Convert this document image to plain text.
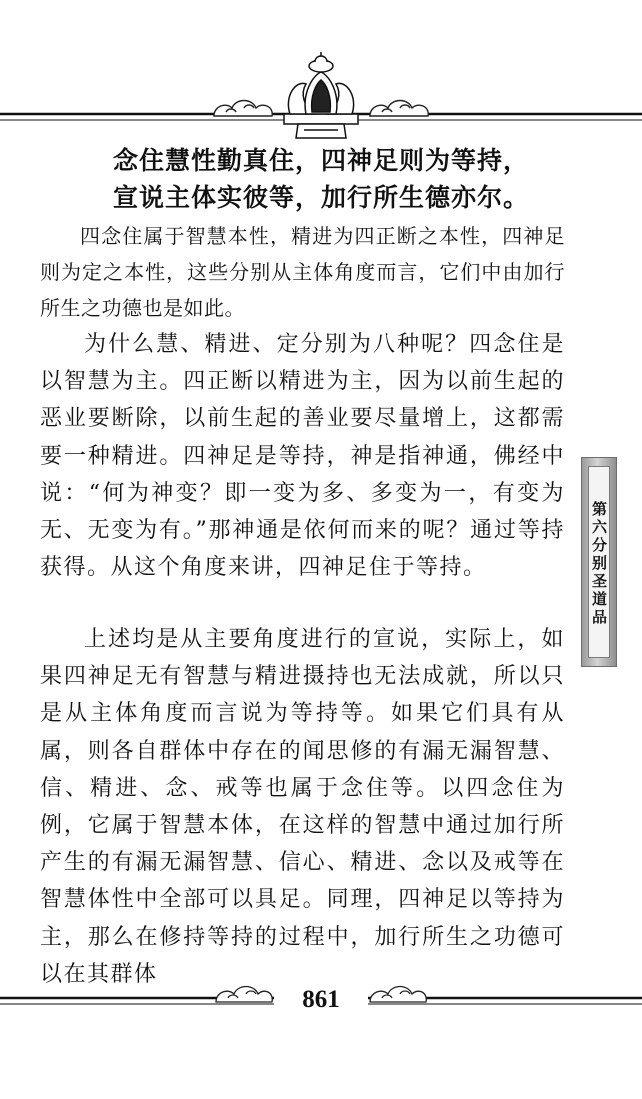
念住慧性勤真住，四神足则为等持，
宣说主体实彼等，加行所生德亦尔。

四念住属于智慧本性，精进为四正断之本性，四神足则为定之本性，这些分别从主体角度而言，它们中由加行所生之功德也是如此。

为什么慧、精进、定分别为八种呢？四念住是以智慧为主。四正断以精进为主，因为以前生起的恶业要断除，以前生起的善业要尽量增上，这都需要一种精进。四神足是等持，神是指神通，佛经中说：“何为神变？即一变为多、多变为一，有变为无、无变为有。”那神通是依何而来的呢？通过等持获得。从这个角度来讲，四神足住于等持。

上述均是从主要角度进行的宣说，实际上，如果四神足无有智慧与精进摄持也无法成就，所以只是从主体角度而言说为等持等。如果它们具有从属，则各自群体中存在的闻思修的有漏无漏智慧、信、精进、念、戒等也属于念住等。以四念住为例，它属于智慧本体，在这样的智慧中通过加行所产生的有漏无漏智慧、信心、精进、念以及戒等在智慧体性中全部可以具足。同理，四神足以等持为主，那么在修持等持的过程中，加行所生之功德可以在其群体

第六分别圣道品
861
